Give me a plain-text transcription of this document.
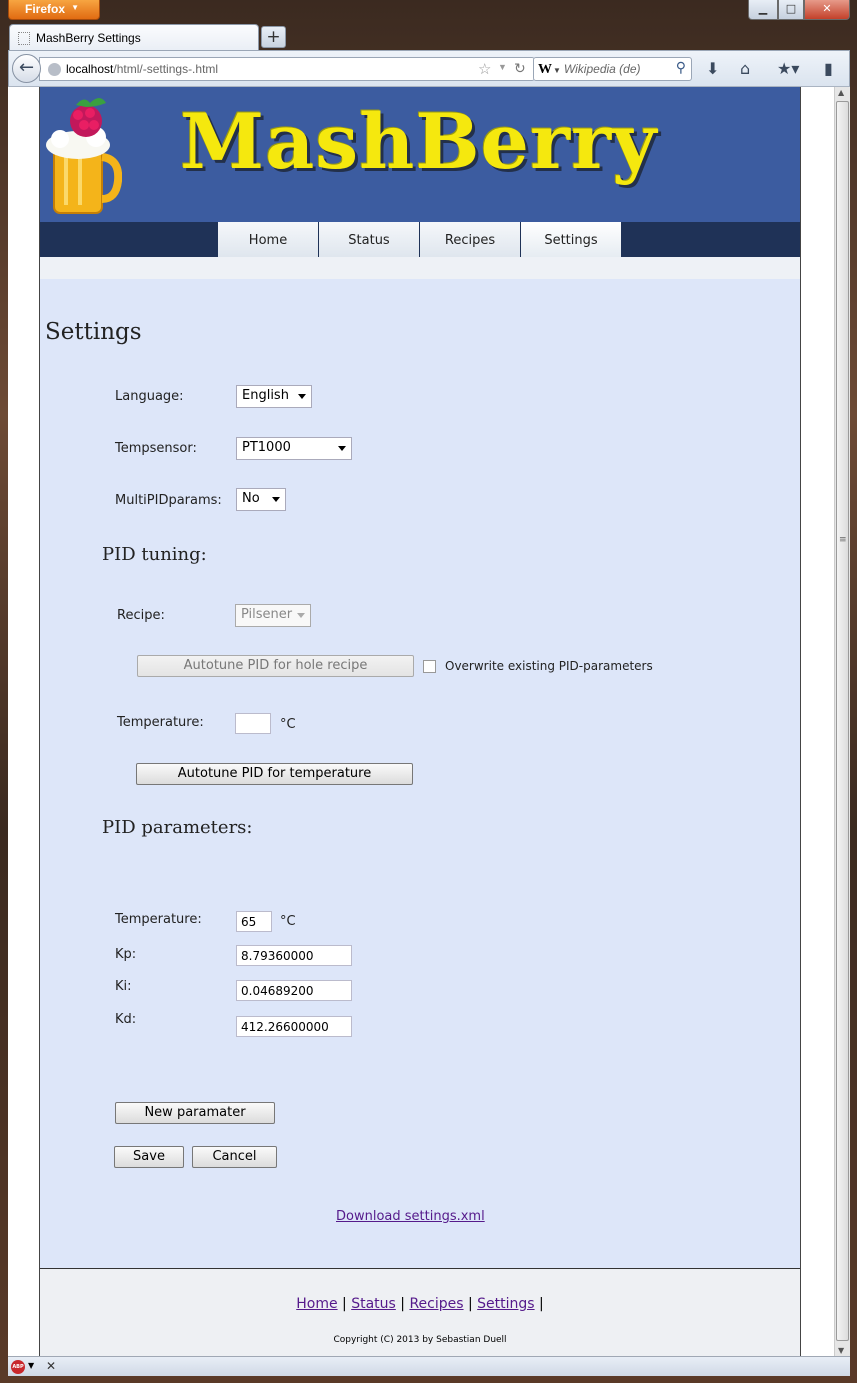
Firefox ▼	▁	□	✕
MashBerry Settings	+
localhost/html/-settings-.html	☆ ▼ ↻
←	W▼ Wikipedia (de)	⚲ ⬇ ⌂ ★▾ ▮
MashBerry
Home	Status	Recipes	Settings
Settings
Language:	English
Tempsensor:	PT1000
MultiPIDparams:	No
PID tuning:
Recipe:	Pilsener
Autotune PID for hole recipe	Overwrite existing PID-parameters
Temperature:	°C
Autotune PID for temperature
PID parameters:
Temperature:	65	°C
Kp:	8.79360000
Ki:	0.04689200
Kd:	412.26600000
New paramater
Save	Cancel
Download settings.xml
Home | Status | Recipes | Settings |
Copyright (C) 2013 by Sebastian Duell
▲
≡
▼
ABP ▼ ✕
